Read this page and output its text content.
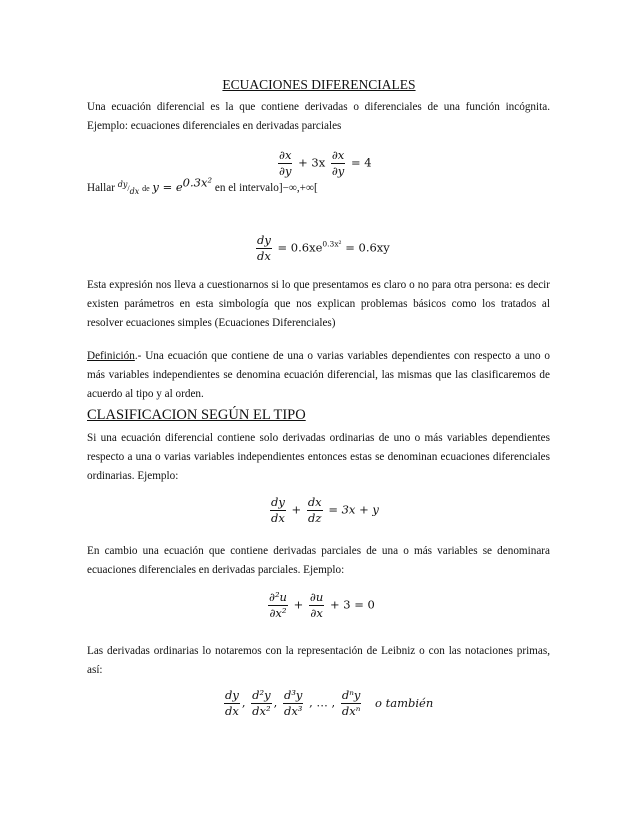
ECUACIONES DIFERENCIALES
Una ecuación diferencial es la que contiene derivadas o diferenciales de una función incógnita. Ejemplo: ecuaciones diferenciales en derivadas parciales
$\frac{\partial x}{\partial y} + 3x \frac{\partial x}{\partial y} = 4$
Hallar $^{dy}/_{dx}$ de $y = e^{0.3x^2}$ en el intervalo]−∞,+∞[
$\frac{dy}{dx} = 0.6xe^{0.3x^2} = 0.6xy$
Esta expresión nos lleva a cuestionarnos si lo que presentamos es claro o no para otra persona: es decir existen parámetros en esta simbología que nos explican problemas básicos como los tratados al resolver ecuaciones simples (Ecuaciones Diferenciales)
Definición.- Una ecuación que contiene de una o varias variables dependientes con respecto a uno o más variables independientes se denomina ecuación diferencial, las mismas que las clasificaremos de acuerdo al tipo y al orden.
CLASIFICACION SEGÚN EL TIPO
Si una ecuación diferencial contiene solo derivadas ordinarias de uno o más variables dependientes respecto a una o varias variables independientes entonces estas se denominan ecuaciones diferenciales ordinarias. Ejemplo:
$\frac{dy}{dx} + \frac{dx}{dz} = 3x + y$
En cambio una ecuación que contiene derivadas parciales de una o más variables se denominara ecuaciones diferenciales en derivadas parciales. Ejemplo:
$\frac{\text{∂²u}}{\text{∂x²}} + \frac{\partial u}{\partial x} + 3 = 0$
Las derivadas ordinarias lo notaremos con la representación de Leibniz o con las notaciones primas, así:
$\frac{dy}{dx}$ , $\frac{\text{d²y}}{\text{dx²}}$ , $\frac{\text{d³y}}{\text{dx³}}$ , … , $\frac{\text{dⁿy}}{\text{dxⁿ}}$ o también
